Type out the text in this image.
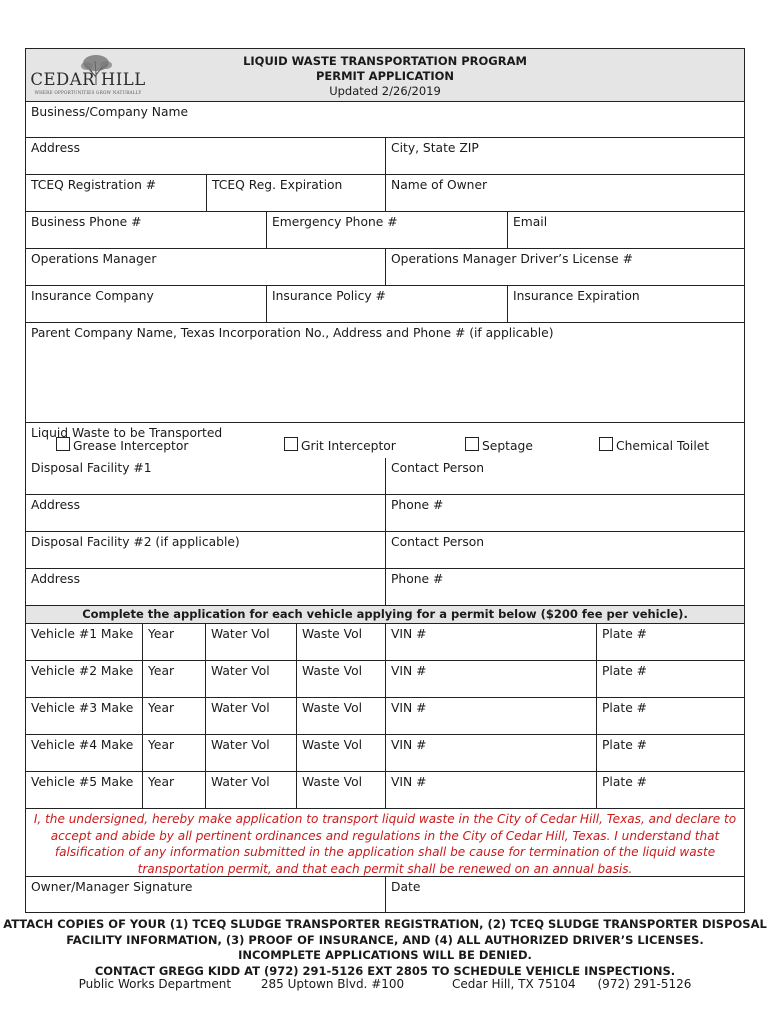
CEDAR HILL
WHERE OPPORTUNITIES GROW NATURALLY
LIQUID WASTE TRANSPORTATION PROGRAM
PERMIT APPLICATION
Updated 2/26/2019
Business/Company Name
Address	City, State ZIP
TCEQ Registration #	TCEQ Reg. Expiration	Name of Owner
Business Phone #	Emergency Phone #	Email
Operations Manager	Operations Manager Driver’s License #
Insurance Company	Insurance Policy #	Insurance Expiration
Parent Company Name, Texas Incorporation No., Address and Phone # (if applicable)
Liquid Waste to be Transported
Grease Interceptor	Grit Interceptor	Septage	Chemical Toilet
Disposal Facility #1	Contact Person
Address	Phone #
Disposal Facility #2 (if applicable)	Contact Person
Address	Phone #
Complete the application for each vehicle applying for a permit below ($200 fee per vehicle).
Vehicle #1 Make	Year	Water Vol	Waste Vol	VIN #	Plate #
Vehicle #2 Make	Year	Water Vol	Waste Vol	VIN #	Plate #
Vehicle #3 Make	Year	Water Vol	Waste Vol	VIN #	Plate #
Vehicle #4 Make	Year	Water Vol	Waste Vol	VIN #	Plate #
Vehicle #5 Make	Year	Water Vol	Waste Vol	VIN #	Plate #
I, the undersigned, hereby make application to transport liquid waste in the City of Cedar Hill, Texas, and declare to accept and abide by all pertinent ordinances and regulations in the City of Cedar Hill, Texas. I understand that falsification of any information submitted in the application shall be cause for termination of the liquid waste transportation permit, and that each permit shall be renewed on an annual basis.
Owner/Manager Signature	Date
ATTACH COPIES OF YOUR (1) TCEQ SLUDGE TRANSPORTER REGISTRATION, (2) TCEQ SLUDGE TRANSPORTER DISPOSAL
FACILITY INFORMATION, (3) PROOF OF INSURANCE, AND (4) ALL AUTHORIZED DRIVER’S LICENSES.
INCOMPLETE APPLICATIONS WILL BE DENIED.
CONTACT GREGG KIDD AT (972) 291-5126 EXT 2805 TO SCHEDULE VEHICLE INSPECTIONS.
Public Works Department 285 Uptown Blvd. #100	Cedar Hill, TX 75104 (972) 291-5126
